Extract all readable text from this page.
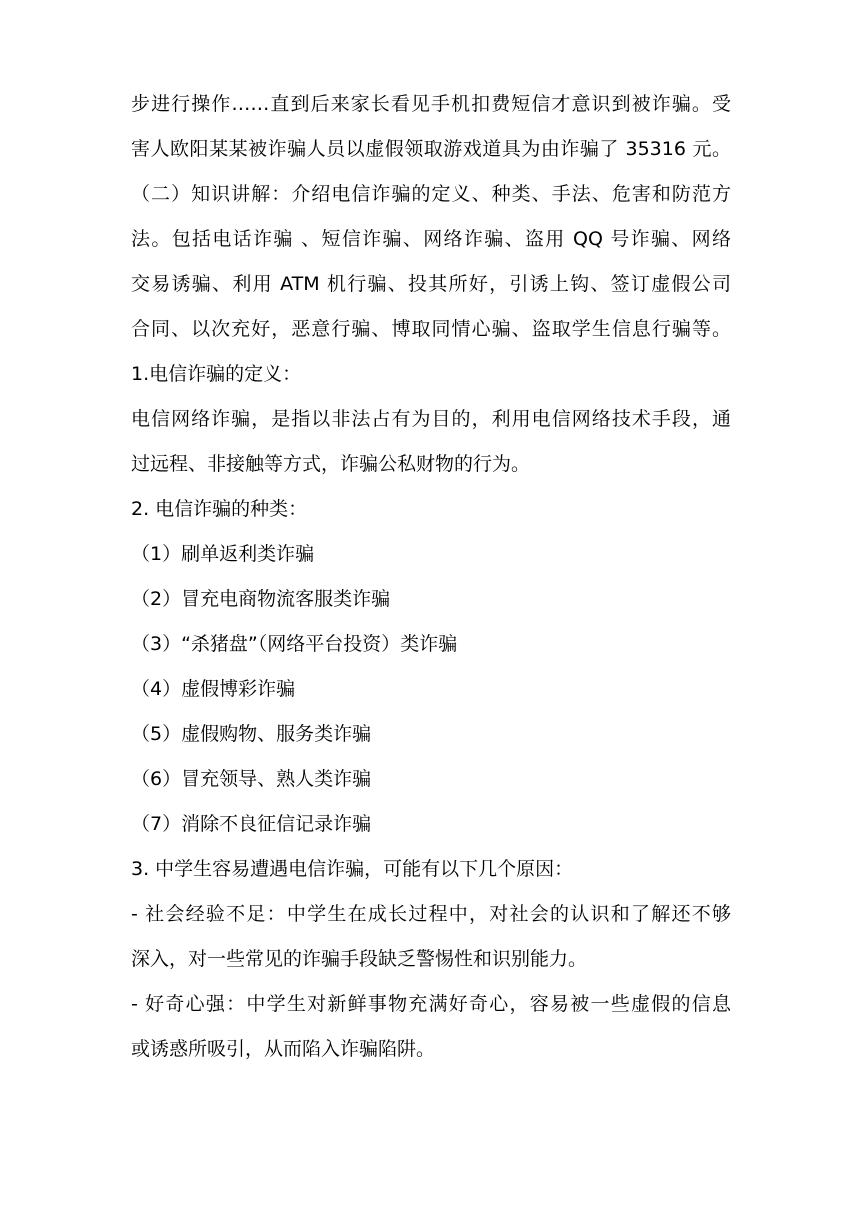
步进行操作……直到后来家长看见手机扣费短信才意识到被诈骗。受
害人欧阳某某被诈骗人员以虚假领取游戏道具为由诈骗了 35316 元。
（二）知识讲解：介绍电信诈骗的定义、种类、手法、危害和防范方
法。包括电话诈骗 、短信诈骗、网络诈骗、盗用 QQ 号诈骗、网络
交易诱骗、利用 ATM 机行骗、投其所好，引诱上钩、签订虚假公司
合同、以次充好，恶意行骗、博取同情心骗、盗取学生信息行骗等。
1.电信诈骗的定义：
电信网络诈骗，是指以非法占有为目的，利用电信网络技术手段，通
过远程、非接触等方式，诈骗公私财物的行为。
2. 电信诈骗的种类：
（1）刷单返利类诈骗
（2）冒充电商物流客服类诈骗
（3）“杀猪盘”（网络平台投资）类诈骗
（4）虚假博彩诈骗
（5）虚假购物、服务类诈骗
（6）冒充领导、熟人类诈骗
（7）消除不良征信记录诈骗
3. 中学生容易遭遇电信诈骗，可能有以下几个原因：
- 社会经验不足：中学生在成长过程中，对社会的认识和了解还不够
深入，对一些常见的诈骗手段缺乏警惕性和识别能力。
- 好奇心强：中学生对新鲜事物充满好奇心，容易被一些虚假的信息
或诱惑所吸引，从而陷入诈骗陷阱。
